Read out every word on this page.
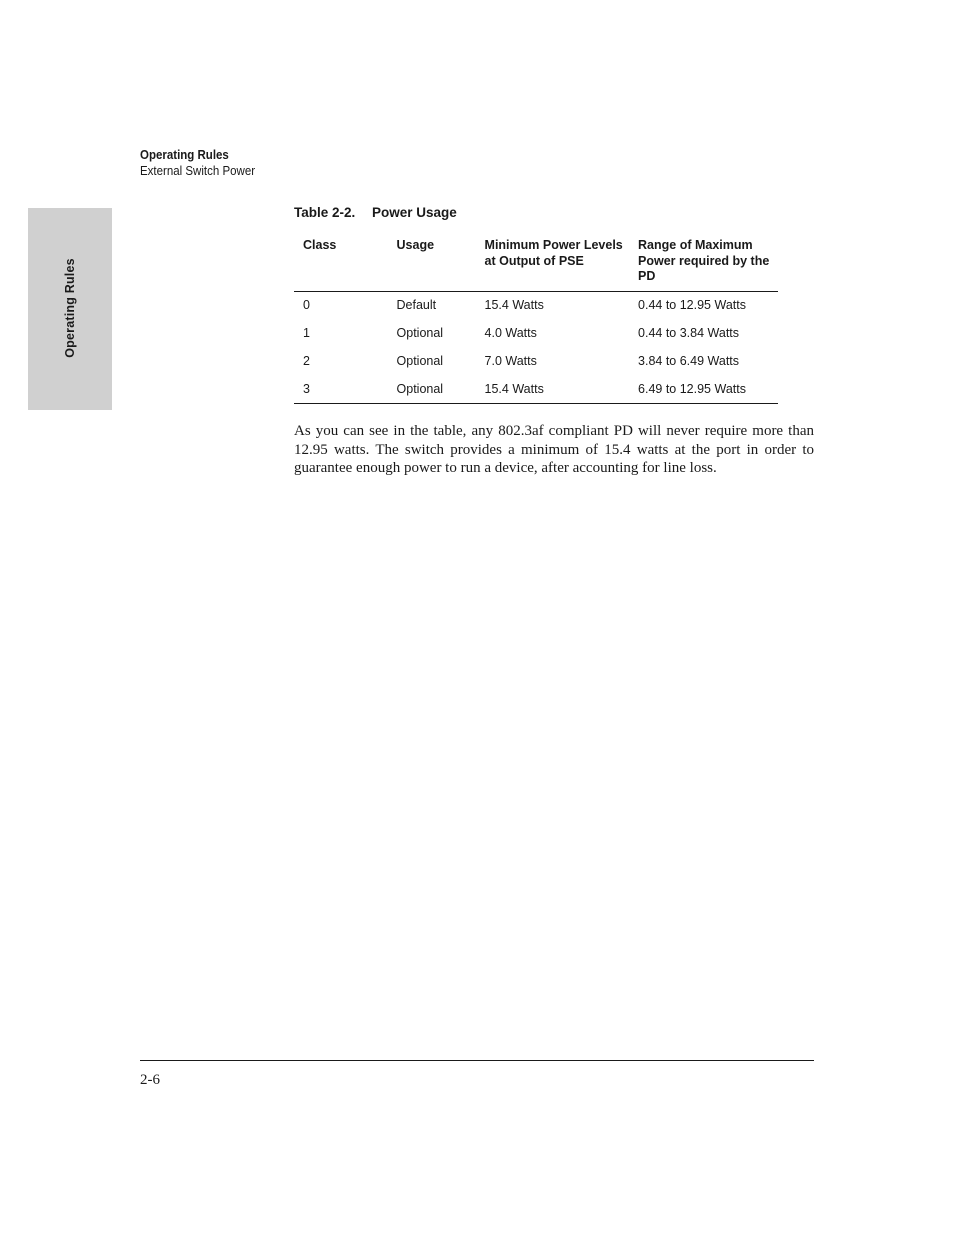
Operating Rules
External Switch Power
Operating Rules
Table 2-2. Power Usage
Class	Usage	Minimum Power Levels at Output of PSE	Range of Maximum Power required by the PD
0	Default	15.4 Watts	0.44 to 12.95 Watts
1	Optional	4.0 Watts	0.44 to 3.84 Watts
2	Optional	7.0 Watts	3.84 to 6.49 Watts
3	Optional	15.4 Watts	6.49 to 12.95 Watts

As you can see in the table, any 802.3af compliant PD will never require more than 12.95 watts. The switch provides a minimum of 15.4 watts at the port in order to guarantee enough power to run a device, after accounting for line loss.

2-6
